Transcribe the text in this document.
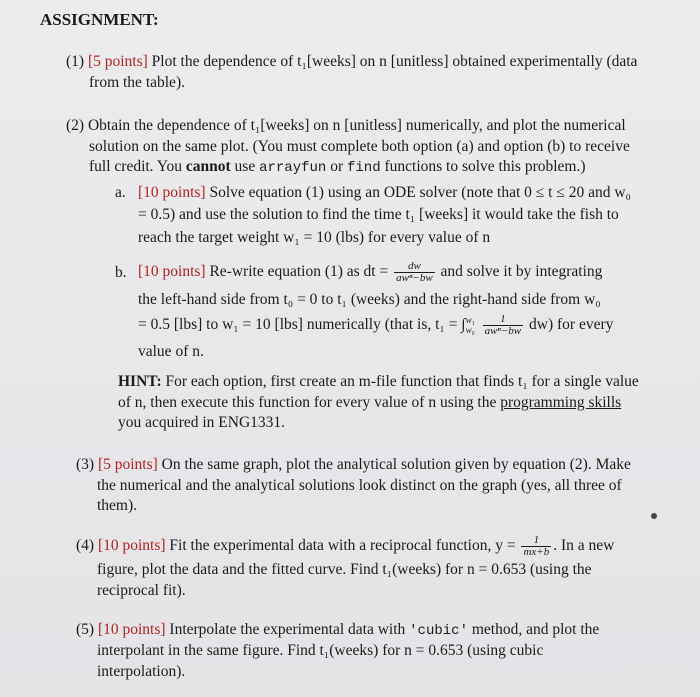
ASSIGNMENT:
(1) [5 points] Plot the dependence of t₁[weeks] on n [unitless] obtained experimentally (data
from the table).
(2) Obtain the dependence of t₁[weeks] on n [unitless] numerically, and plot the numerical
solution on the same plot. (You must complete both option (a) and option (b) to receive
full credit. You cannot use arrayfun or find functions to solve this problem.)
a. [10 points] Solve equation (1) using an ODE solver (note that 0 ≤ t ≤ 20 and w₀
= 0.5) and use the solution to find the time t₁ [weeks] it would take the fish to
reach the target weight w₁ = 10 (lbs) for every value of n
b. [10 points] Re-write equation (1) as dt = $\frac{dw}{\text{awⁿ−bw}}$ and solve it by integrating
the left-hand side from t₀ = 0 to t₁ (weeks) and the right-hand side from w₀
= 0.5 [lbs] to w₁ = 10 [lbs] numerically (that is, t₁ = ∫ w₁
w₀
$\frac{1}{\text{awⁿ−bw}} dw$) for every
value of n.
HINT: For each option, first create an m-file function that finds t₁ for a single value
of n, then execute this function for every value of n using the programming skills
you acquired in ENG1331.
(3) [5 points] On the same graph, plot the analytical solution given by equation (2). Make
the numerical and the analytical solutions look distinct on the graph (yes, all three of
them).
(4) [10 points] Fit the experimental data with a reciprocal function, $y = \frac{1}{mx+b}$ . In a new
figure, plot the data and the fitted curve. Find t₁(weeks) for n = 0.653 (using the
reciprocal fit).
(5) [10 points] Interpolate the experimental data with 'cubic' method, and plot the
interpolant in the same figure. Find t₁(weeks) for n = 0.653 (using cubic
interpolation).
